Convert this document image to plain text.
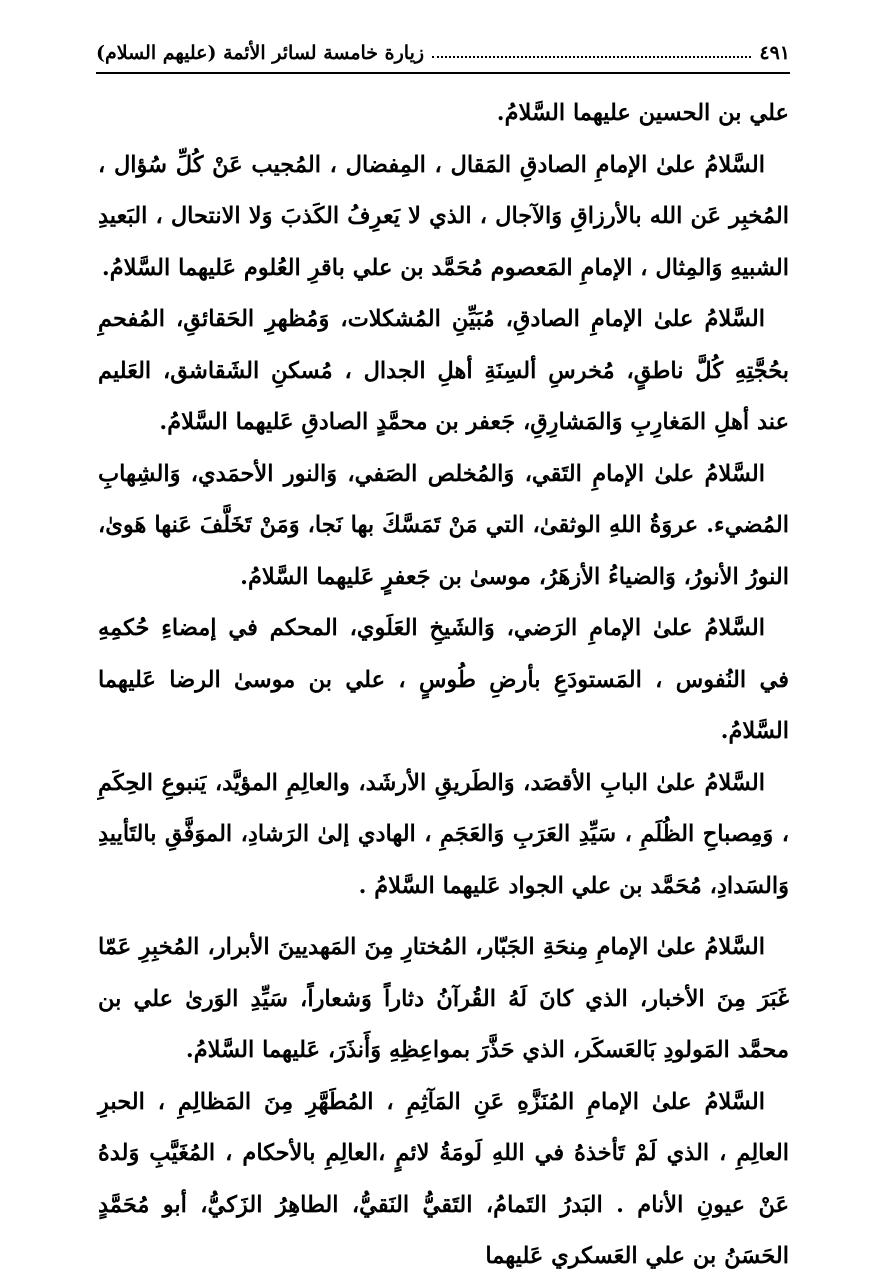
زيارة خامسة لسائر الأئمة (عليهم السلام)	٤٩١

علي بن الحسين عليهما السَّلامُ.

السَّلامُ علىٰ الإمامِ الصادقِ المَقال ، المِفضال ، المُجيب عَنْ كُلِّ سُؤال ، المُخبِر عَن الله بالأرزاقِ وَالآجال ، الذي لا يَعرِفُ الكَذبَ وَلا الانتحال ، البَعيدِ الشبيهِ وَالمِثال ، الإمامِ المَعصوم مُحَمَّد بن علي باقرِ العُلوم عَليهما السَّلامُ.

السَّلامُ علىٰ الإمامِ الصادقِ، مُبَيِّنِ المُشكلات، وَمُظهرِ الحَقائقِ، المُفحمِ بحُجَّتِهِ كُلَّ ناطقٍ، مُخرسِ ألسِنَةِ أهلِ الجدال ، مُسكنِ الشَقاشق، العَليم عند أهلِ المَغارِبِ وَالمَشارِقِ، جَعفر بن محمَّدٍ الصادقِ عَليهما السَّلامُ.

السَّلامُ علىٰ الإمامِ التَقي، وَالمُخلص الصَفي، وَالنور الأحمَدي، وَالشِهابِ المُضيء. عروَةُ اللهِ الوثقىٰ، التي مَنْ تَمَسَّكَ بها نَجا، وَمَنْ تَخَلَّفَ عَنها هَوىٰ، النورُ الأنورُ، وَالضياءُ الأزهَرُ، موسىٰ بن جَعفرٍ عَليهما السَّلامُ.

السَّلامُ علىٰ الإمامِ الرَضي، وَالشَيخِ العَلَوي، المحكم في إمضاءِ حُكمِهِ في النُفوس ، المَستودَعِ بأرضِ طُوسٍ ، علي بن موسىٰ الرضا عَليهما السَّلامُ.

السَّلامُ علىٰ البابِ الأقصَد، وَالطَريقِ الأرشَد، والعالِمِ المؤيَّد، يَنبوعِ الحِكَمِ ، وَمِصباحِ الظُلَمِ ، سَيِّدِ العَرَبِ وَالعَجَمِ ، الهادي إلىٰ الرَشادِ، الموَفَّقِ بالتَأييدِ وَالسَدادِ، مُحَمَّد بن علي الجواد عَليهما السَّلامُ .

السَّلامُ علىٰ الإمامِ مِنحَةِ الجَبّار، المُختارِ مِنَ المَهديينَ الأبرار، المُخبِرِ عَمّا غَبَرَ مِنَ الأخبار، الذي كانَ لَهُ القُرآنُ دثاراً وَشعاراً، سَيِّدِ الوَرىٰ علي بن محمَّد المَولودِ بَالعَسكَر، الذي حَذَّرَ بمواعِظِهِ وَأَنذَرَ، عَليهما السَّلامُ.

السَّلامُ علىٰ الإمامِ المُنَزَّهِ عَنِ المَآثِمِ ، المُطَهَّرِ مِنَ المَظالِمِ ، الحبرِ العالِمِ ، الذي لَمْ تَأخذهُ في اللهِ لَومَةُ لائمٍ ،العالِمِ بالأحكام ، المُغَيَّبِ وَلدهُ عَنْ عيونِ الأنام . البَدرُ التَمامُ، التَقيُّ النَقيُّ، الطاهِرُ الزَكيُّ، أبو مُحَمَّدٍ الحَسَنُ بن علي العَسكري عَليهما
